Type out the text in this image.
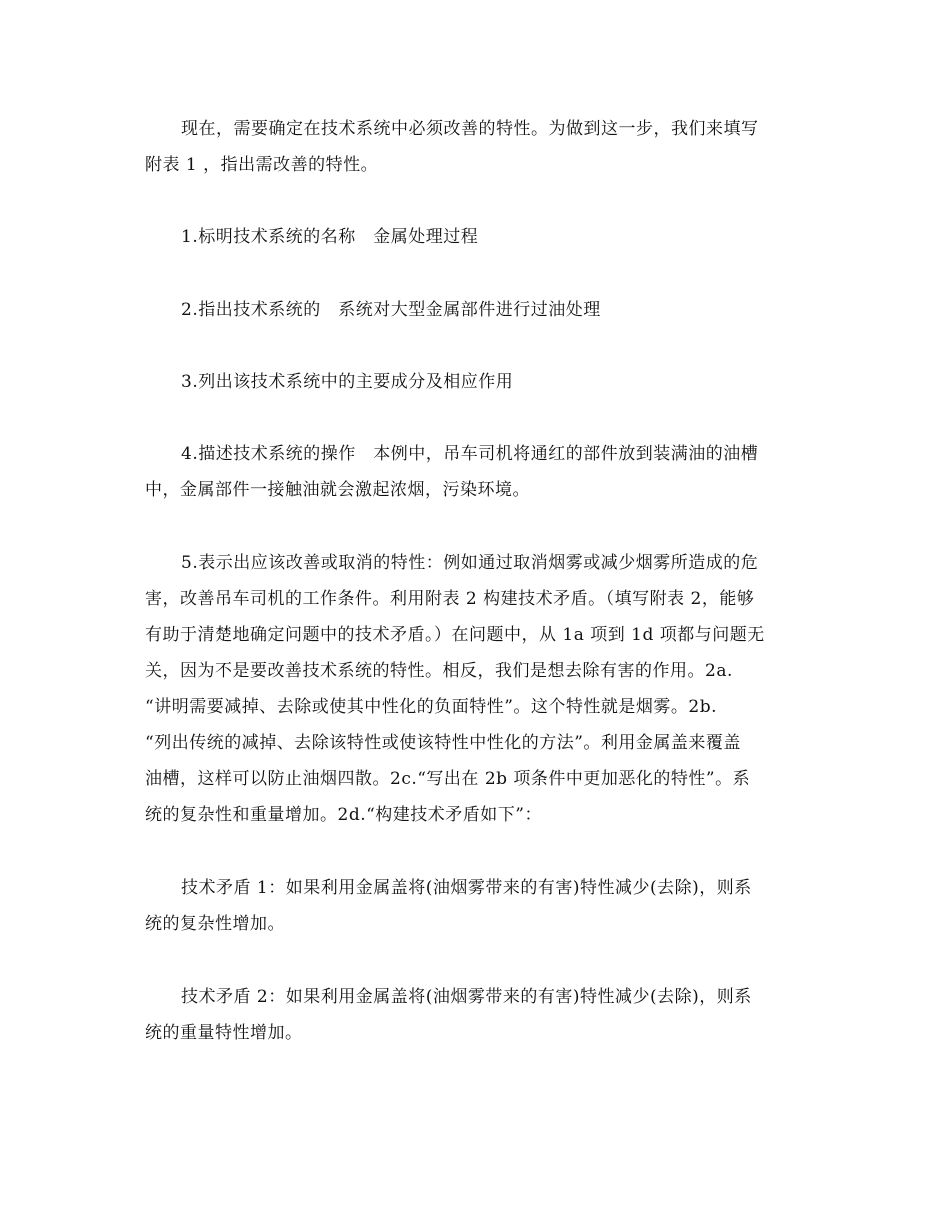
现在，需要确定在技术系统中必须改善的特性。为做到这一步，我们来填写
附表 1 ，指出需改善的特性。
1.标明技术系统的名称　金属处理过程
2.指出技术系统的　系统对大型金属部件进行过油处理
3.列出该技术系统中的主要成分及相应作用
4.描述技术系统的操作　本例中，吊车司机将通红的部件放到装满油的油槽
中，金属部件一接触油就会激起浓烟，污染环境。
5.表示出应该改善或取消的特性：例如通过取消烟雾或减少烟雾所造成的危
害，改善吊车司机的工作条件。利用附表 2 构建技术矛盾。（填写附表 2，能够
有助于清楚地确定问题中的技术矛盾。）在问题中，从 1a 项到 1d 项都与问题无
关，因为不是要改善技术系统的特性。相反，我们是想去除有害的作用。2a.
“讲明需要减掉、去除或使其中性化的负面特性”。这个特性就是烟雾。2b.
“列出传统的减掉、去除该特性或使该特性中性化的方法”。利用金属盖来覆盖
油槽，这样可以防止油烟四散。2c.“写出在 2b 项条件中更加恶化的特性”。系
统的复杂性和重量增加。2d.“构建技术矛盾如下”：
技术矛盾 1：如果利用金属盖将(油烟雾带来的有害)特性减少(去除)，则系
统的复杂性增加。
技术矛盾 2：如果利用金属盖将(油烟雾带来的有害)特性减少(去除)，则系
统的重量特性增加。
